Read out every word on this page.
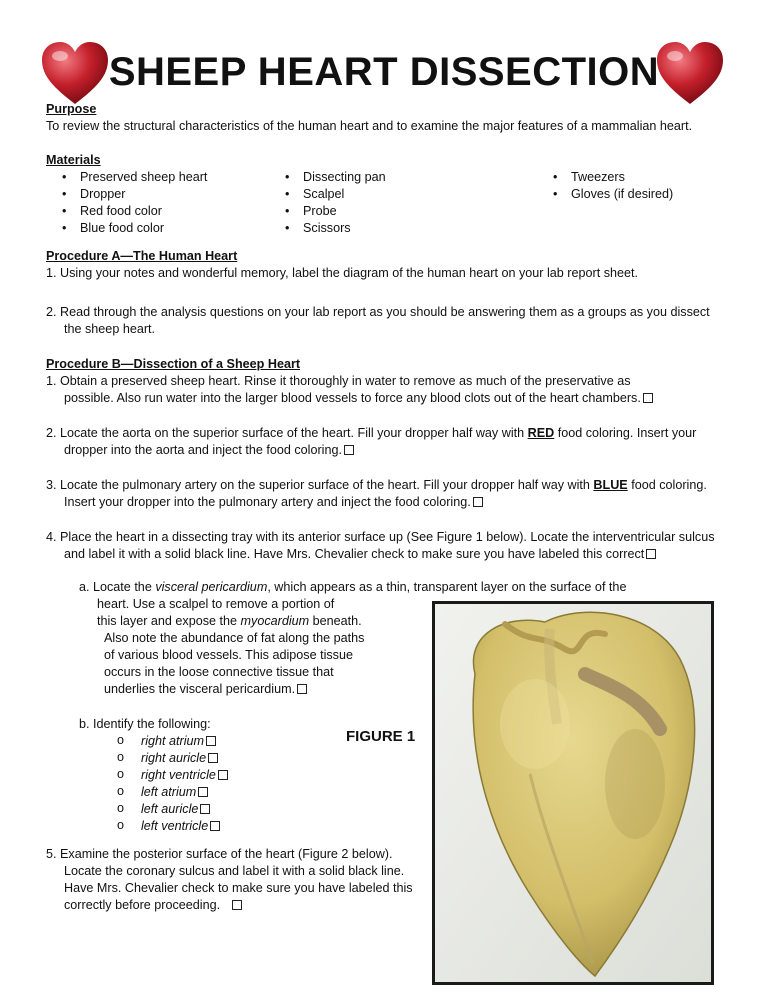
SHEEP HEART DISSECTION
Purpose
To review the structural characteristics of the human heart and to examine the major features of a mammalian heart.
Materials
• Preserved sheep heart
• Dropper
• Red food color
• Blue food color
• Dissecting pan
• Scalpel
• Probe
• Scissors
• Tweezers
• Gloves (if desired)
Procedure A—The Human Heart
1. Using your notes and wonderful memory, label the diagram of the human heart on your lab report sheet.
2. Read through the analysis questions on your lab report as you should be answering them as a groups as you dissect
the sheep heart.
Procedure B—Dissection of a Sheep Heart
1. Obtain a preserved sheep heart. Rinse it thoroughly in water to remove as much of the preservative as
possible. Also run water into the larger blood vessels to force any blood clots out of the heart chambers.
2. Locate the aorta on the superior surface of the heart. Fill your dropper half way with RED food coloring. Insert your
dropper into the aorta and inject the food coloring.
3. Locate the pulmonary artery on the superior surface of the heart. Fill your dropper half way with BLUE food coloring.
Insert your dropper into the pulmonary artery and inject the food coloring.
4. Place the heart in a dissecting tray with its anterior surface up (See Figure 1 below). Locate the interventricular sulcus
and label it with a solid black line. Have Mrs. Chevalier check to make sure you have labeled this correct
a. Locate the visceral pericardium, which appears as a thin, transparent layer on the surface of the
heart. Use a scalpel to remove a portion of
this layer and expose the myocardium beneath.
Also note the abundance of fat along the paths
of various blood vessels. This adipose tissue
occurs in the loose connective tissue that
underlies the visceral pericardium.
b. Identify the following:
o right atrium
o right auricle
o right ventricle
o left atrium
o left auricle
o left ventricle
FIGURE 1
5. Examine the posterior surface of the heart (Figure 2 below).
Locate the coronary sulcus and label it with a solid black line.
Have Mrs. Chevalier check to make sure you have labeled this
correctly before proceeding.
